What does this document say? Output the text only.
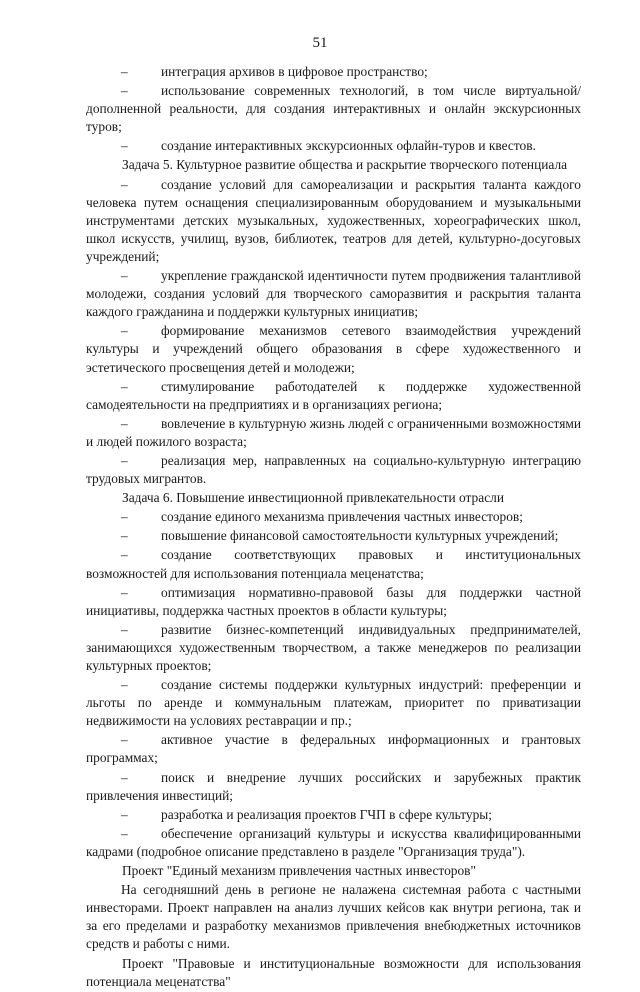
51

– интеграция архивов в цифровое пространство;

– использование современных технологий, в том числе виртуальной/дополненной реальности, для создания интерактивных и онлайн экскурсионных туров;

– создание интерактивных экскурсионных офлайн-туров и квестов.

Задача 5. Культурное развитие общества и раскрытие творческого потенциала

– создание условий для самореализации и раскрытия таланта каждого человека путем оснащения специализированным оборудованием и музыкальными инструментами детских музыкальных, художественных, хореографических школ, школ искусств, училищ, вузов, библиотек, театров для детей, культурно-досуговых учреждений;

– укрепление гражданской идентичности путем продвижения талантливой молодежи, создания условий для творческого саморазвития и раскрытия таланта каждого гражданина и поддержки культурных инициатив;

– формирование механизмов сетевого взаимодействия учреждений культуры и учреждений общего образования в сфере художественного и эстетического просвещения детей и молодежи;

– стимулирование работодателей к поддержке художественной самодеятельности на предприятиях и в организациях региона;

– вовлечение в культурную жизнь людей с ограниченными возможностями и людей пожилого возраста;

– реализация мер, направленных на социально-культурную интеграцию трудовых мигрантов.

Задача 6. Повышение инвестиционной привлекательности отрасли

– создание единого механизма привлечения частных инвесторов;

– повышение финансовой самостоятельности культурных учреждений;

– создание соответствующих правовых и институциональных возможностей для использования потенциала меценатства;

– оптимизация нормативно-правовой базы для поддержки частной инициативы, поддержка частных проектов в области культуры;

– развитие бизнес-компетенций индивидуальных предпринимателей, занимающихся художественным творчеством, а также менеджеров по реализации культурных проектов;

– создание системы поддержки культурных индустрий: преференции и льготы по аренде и коммунальным платежам, приоритет по приватизации недвижимости на условиях реставрации и пр.;

– активное участие в федеральных информационных и грантовых программах;

– поиск и внедрение лучших российских и зарубежных практик привлечения инвестиций;

– разработка и реализация проектов ГЧП в сфере культуры;

– обеспечение организаций культуры и искусства квалифицированными кадрами (подробное описание представлено в разделе "Организация труда").

Проект "Единый механизм привлечения частных инвесторов"

На сегодняшний день в регионе не налажена системная работа с частными инвесторами. Проект направлен на анализ лучших кейсов как внутри региона, так и за его пределами и разработку механизмов привлечения внебюджетных источников средств и работы с ними.

Проект "Правовые и институциональные возможности для использования потенциала меценатства"
